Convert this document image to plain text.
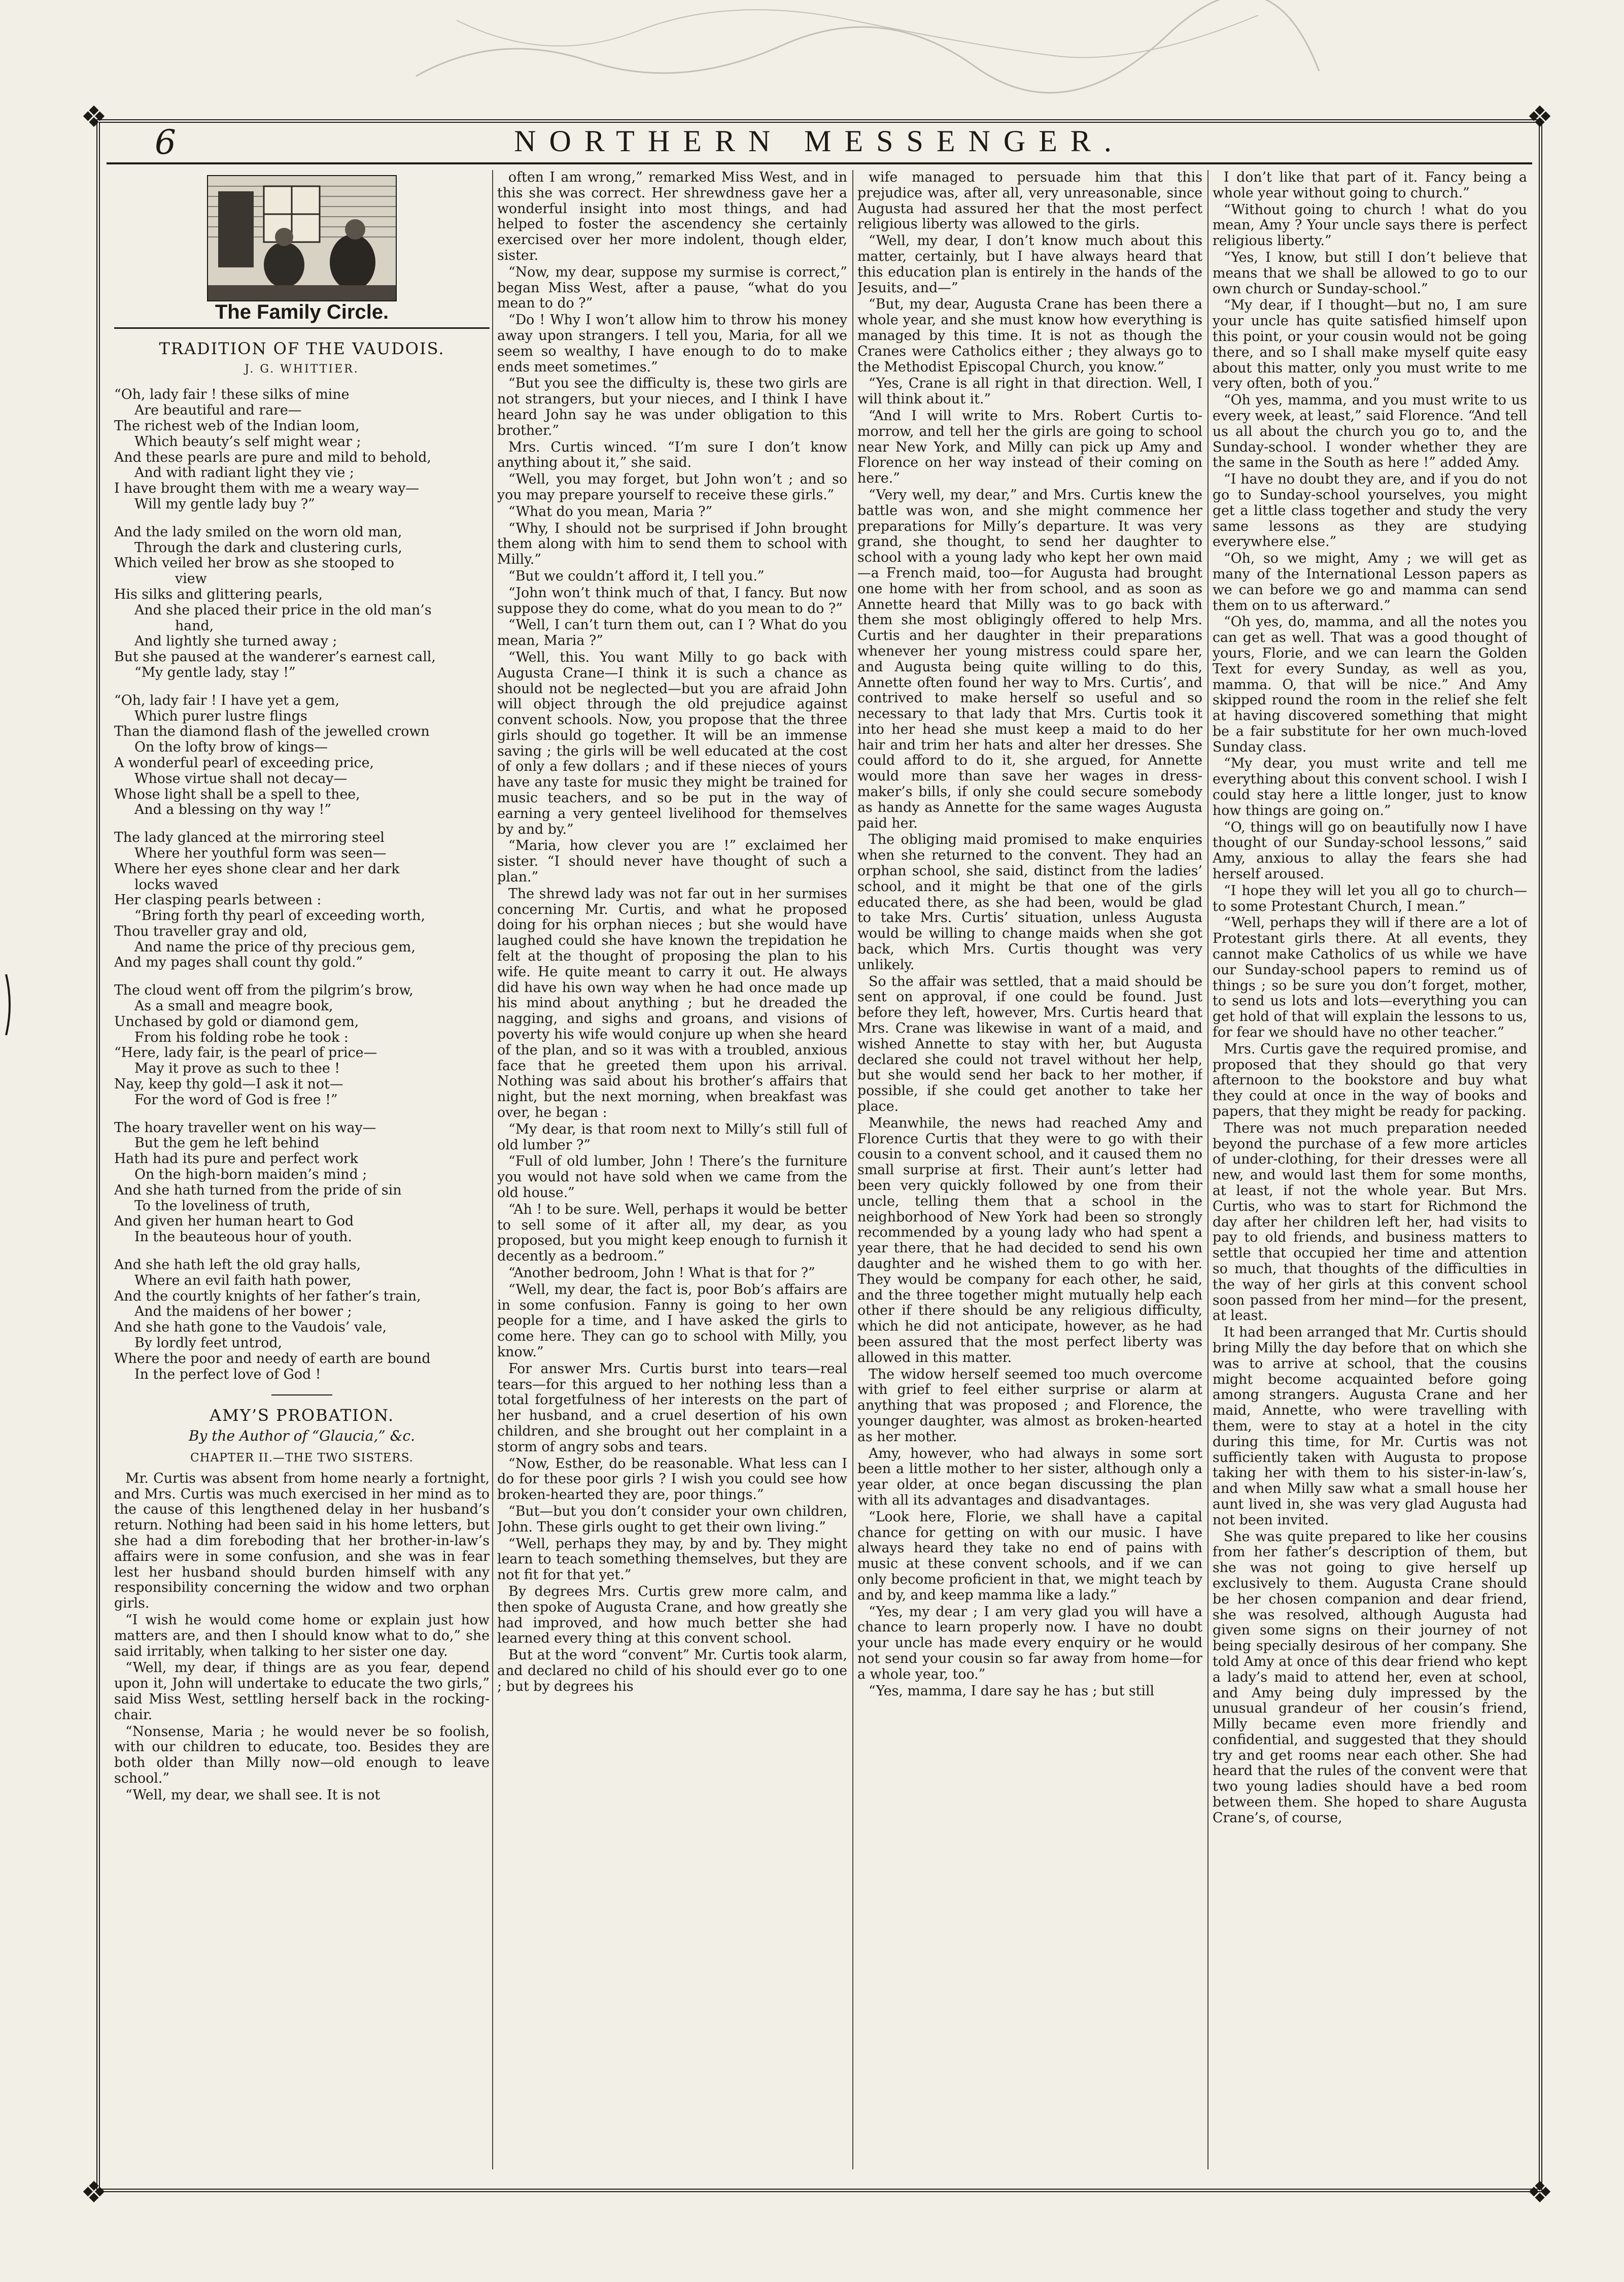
❖	❖
❖	❖
6	NORTHERN MESSENGER.
The Family Circle.
TRADITION OF THE VAUDOIS.
J. G. WHITTIER.
“Oh, lady fair ! these silks of mine
Are beautiful and rare—
The richest web of the Indian loom,
Which beauty’s self might wear ;
And these pearls are pure and mild to behold,
And with radiant light they vie ;
I have brought them with me a weary way—
Will my gentle lady buy ?”
And the lady smiled on the worn old man,
Through the dark and clustering curls,
Which veiled her brow as she stooped to
view
His silks and glittering pearls,
And she placed their price in the old man’s
hand,
And lightly she turned away ;
But she paused at the wanderer’s earnest call,
“My gentle lady, stay !”
“Oh, lady fair ! I have yet a gem,
Which purer lustre flings
Than the diamond flash of the jewelled crown
On the lofty brow of kings—
A wonderful pearl of exceeding price,
Whose virtue shall not decay—
Whose light shall be a spell to thee,
And a blessing on thy way !”
The lady glanced at the mirroring steel
Where her youthful form was seen—
Where her eyes shone clear and her dark
locks waved
Her clasping pearls between :
“Bring forth thy pearl of exceeding worth,
Thou traveller gray and old,
And name the price of thy precious gem,
And my pages shall count thy gold.”
The cloud went off from the pilgrim’s brow,
As a small and meagre book,
Unchased by gold or diamond gem,
From his folding robe he took :
“Here, lady fair, is the pearl of price—
May it prove as such to thee !
Nay, keep thy gold—I ask it not—
For the word of God is free !”
The hoary traveller went on his way—
But the gem he left behind
Hath had its pure and perfect work
On the high-born maiden’s mind ;
And she hath turned from the pride of sin
To the loveliness of truth,
And given her human heart to God
In the beauteous hour of youth.
And she hath left the old gray halls,
Where an evil faith hath power,
And the courtly knights of her father’s train,
And the maidens of her bower ;
And she hath gone to the Vaudois’ vale,
By lordly feet untrod,
Where the poor and needy of earth are bound
In the perfect love of God !
AMY’S PROBATION.
By the Author of “Glaucia,” &c.
CHAPTER II.—THE TWO SISTERS.

Mr. Curtis was absent from home nearly a fortnight, and Mrs. Curtis was much exercised in her mind as to the cause of this lengthened delay in her husband’s return. Nothing had been said in his home letters, but she had a dim foreboding that her brother-in-law’s affairs were in some confusion, and she was in fear lest her husband should burden himself with any responsibility concerning the widow and two orphan girls.

“I wish he would come home or explain just how matters are, and then I should know what to do,” she said irritably, when talking to her sister one day.

“Well, my dear, if things are as you fear, depend upon it, John will undertake to educate the two girls,” said Miss West, settling herself back in the rocking-chair.

“Nonsense, Maria ; he would never be so foolish, with our children to educate, too. Besides they are both older than Milly now—old enough to leave school.”

“Well, my dear, we shall see. It is not

often I am wrong,” remarked Miss West, and in this she was correct. Her shrewdness gave her a wonderful insight into most things, and had helped to foster the ascendency she certainly exercised over her more indolent, though elder, sister.

“Now, my dear, suppose my surmise is correct,” began Miss West, after a pause, “what do you mean to do ?”

“Do ! Why I won’t allow him to throw his money away upon strangers. I tell you, Maria, for all we seem so wealthy, I have enough to do to make ends meet sometimes.”

“But you see the difficulty is, these two girls are not strangers, but your nieces, and I think I have heard John say he was under obligation to this brother.”

Mrs. Curtis winced. “I’m sure I don’t know anything about it,” she said.

“Well, you may forget, but John won’t ; and so you may prepare yourself to receive these girls.”

“What do you mean, Maria ?”

“Why, I should not be surprised if John brought them along with him to send them to school with Milly.”

“But we couldn’t afford it, I tell you.”

“John won’t think much of that, I fancy. But now suppose they do come, what do you mean to do ?”

“Well, I can’t turn them out, can I ? What do you mean, Maria ?”

“Well, this. You want Milly to go back with Augusta Crane—I think it is such a chance as should not be neglected—but you are afraid John will object through the old prejudice against convent schools. Now, you propose that the three girls should go together. It will be an immense saving ; the girls will be well educated at the cost of only a few dollars ; and if these nieces of yours have any taste for music they might be trained for music teachers, and so be put in the way of earning a very genteel livelihood for themselves by and by.”

“Maria, how clever you are !” exclaimed her sister. “I should never have thought of such a plan.”

The shrewd lady was not far out in her surmises concerning Mr. Curtis, and what he proposed doing for his orphan nieces ; but she would have laughed could she have known the trepidation he felt at the thought of proposing the plan to his wife. He quite meant to carry it out. He always did have his own way when he had once made up his mind about anything ; but he dreaded the nagging, and sighs and groans, and visions of poverty his wife would conjure up when she heard of the plan, and so it was with a troubled, anxious face that he greeted them upon his arrival. Nothing was said about his brother’s affairs that night, but the next morning, when breakfast was over, he began :

“My dear, is that room next to Milly’s still full of old lumber ?”

“Full of old lumber, John ! There’s the furniture you would not have sold when we came from the old house.”

“Ah ! to be sure. Well, perhaps it would be better to sell some of it after all, my dear, as you proposed, but you might keep enough to furnish it decently as a bedroom.”

“Another bedroom, John ! What is that for ?”

“Well, my dear, the fact is, poor Bob’s affairs are in some confusion. Fanny is going to her own people for a time, and I have asked the girls to come here. They can go to school with Milly, you know.”

For answer Mrs. Curtis burst into tears—real tears—for this argued to her nothing less than a total forgetfulness of her interests on the part of her husband, and a cruel desertion of his own children, and she brought out her complaint in a storm of angry sobs and tears.

“Now, Esther, do be reasonable. What less can I do for these poor girls ? I wish you could see how broken-hearted they are, poor things.”

“But—but you don’t consider your own children, John. These girls ought to get their own living.”

“Well, perhaps they may, by and by. They might learn to teach something themselves, but they are not fit for that yet.”

By degrees Mrs. Curtis grew more calm, and then spoke of Augusta Crane, and how greatly she had improved, and how much better she had learned every thing at this convent school.

But at the word “convent” Mr. Curtis took alarm, and declared no child of his should ever go to one ; but by degrees his

wife managed to persuade him that this prejudice was, after all, very unreasonable, since Augusta had assured her that the most perfect religious liberty was allowed to the girls.

“Well, my dear, I don’t know much about this matter, certainly, but I have always heard that this education plan is entirely in the hands of the Jesuits, and—”

“But, my dear, Augusta Crane has been there a whole year, and she must know how everything is managed by this time. It is not as though the Cranes were Catholics either ; they always go to the Methodist Episcopal Church, you know.”

“Yes, Crane is all right in that direction. Well, I will think about it.”

“And I will write to Mrs. Robert Curtis to-morrow, and tell her the girls are going to school near New York, and Milly can pick up Amy and Florence on her way instead of their coming on here.”

“Very well, my dear,” and Mrs. Curtis knew the battle was won, and she might commence her preparations for Milly’s departure. It was very grand, she thought, to send her daughter to school with a young lady who kept her own maid—a French maid, too—for Augusta had brought one home with her from school, and as soon as Annette heard that Milly was to go back with them she most obligingly offered to help Mrs. Curtis and her daughter in their preparations whenever her young mistress could spare her, and Augusta being quite willing to do this, Annette often found her way to Mrs. Curtis’, and contrived to make herself so useful and so necessary to that lady that Mrs. Curtis took it into her head she must keep a maid to do her hair and trim her hats and alter her dresses. She could afford to do it, she argued, for Annette would more than save her wages in dress-maker’s bills, if only she could secure somebody as handy as Annette for the same wages Augusta paid her.

The obliging maid promised to make enquiries when she returned to the convent. They had an orphan school, she said, distinct from the ladies’ school, and it might be that one of the girls educated there, as she had been, would be glad to take Mrs. Curtis’ situation, unless Augusta would be willing to change maids when she got back, which Mrs. Curtis thought was very unlikely.

So the affair was settled, that a maid should be sent on approval, if one could be found. Just before they left, however, Mrs. Curtis heard that Mrs. Crane was likewise in want of a maid, and wished Annette to stay with her, but Augusta declared she could not travel without her help, but she would send her back to her mother, if possible, if she could get another to take her place.

Meanwhile, the news had reached Amy and Florence Curtis that they were to go with their cousin to a convent school, and it caused them no small surprise at first. Their aunt’s letter had been very quickly followed by one from their uncle, telling them that a school in the neighborhood of New York had been so strongly recommended by a young lady who had spent a year there, that he had decided to send his own daughter and he wished them to go with her. They would be company for each other, he said, and the three together might mutually help each other if there should be any religious difficulty, which he did not anticipate, however, as he had been assured that the most perfect liberty was allowed in this matter.

The widow herself seemed too much overcome with grief to feel either surprise or alarm at anything that was proposed ; and Florence, the younger daughter, was almost as broken-hearted as her mother.

Amy, however, who had always in some sort been a little mother to her sister, although only a year older, at once began discussing the plan with all its advantages and disadvantages.

“Look here, Florie, we shall have a capital chance for getting on with our music. I have always heard they take no end of pains with music at these convent schools, and if we can only become proficient in that, we might teach by and by, and keep mamma like a lady.”

“Yes, my dear ; I am very glad you will have a chance to learn properly now. I have no doubt your uncle has made every enquiry or he would not send your cousin so far away from home—for a whole year, too.”

“Yes, mamma, I dare say he has ; but still

I don’t like that part of it. Fancy being a whole year without going to church.”

“Without going to church ! what do you mean, Amy ? Your uncle says there is perfect religious liberty.”

“Yes, I know, but still I don’t believe that means that we shall be allowed to go to our own church or Sunday-school.”

“My dear, if I thought—but no, I am sure your uncle has quite satisfied himself upon this point, or your cousin would not be going there, and so I shall make myself quite easy about this matter, only you must write to me very often, both of you.”

“Oh yes, mamma, and you must write to us every week, at least,” said Florence. “And tell us all about the church you go to, and the Sunday-school. I wonder whether they are the same in the South as here !” added Amy.

“I have no doubt they are, and if you do not go to Sunday-school yourselves, you might get a little class together and study the very same lessons as they are studying everywhere else.”

“Oh, so we might, Amy ; we will get as many of the International Lesson papers as we can before we go and mamma can send them on to us afterward.”

“Oh yes, do, mamma, and all the notes you can get as well. That was a good thought of yours, Florie, and we can learn the Golden Text for every Sunday, as well as you, mamma. O, that will be nice.” And Amy skipped round the room in the relief she felt at having discovered something that might be a fair substitute for her own much-loved Sunday class.

“My dear, you must write and tell me everything about this convent school. I wish I could stay here a little longer, just to know how things are going on.”

“O, things will go on beautifully now I have thought of our Sunday-school lessons,” said Amy, anxious to allay the fears she had herself aroused.

“I hope they will let you all go to church—to some Protestant Church, I mean.”

“Well, perhaps they will if there are a lot of Protestant girls there. At all events, they cannot make Catholics of us while we have our Sunday-school papers to remind us of things ; so be sure you don’t forget, mother, to send us lots and lots—everything you can get hold of that will explain the lessons to us, for fear we should have no other teacher.”

Mrs. Curtis gave the required promise, and proposed that they should go that very afternoon to the bookstore and buy what they could at once in the way of books and papers, that they might be ready for packing.

There was not much preparation needed beyond the purchase of a few more articles of under-clothing, for their dresses were all new, and would last them for some months, at least, if not the whole year. But Mrs. Curtis, who was to start for Richmond the day after her children left her, had visits to pay to old friends, and business matters to settle that occupied her time and attention so much, that thoughts of the difficulties in the way of her girls at this convent school soon passed from her mind—for the present, at least.

It had been arranged that Mr. Curtis should bring Milly the day before that on which she was to arrive at school, that the cousins might become acquainted before going among strangers. Augusta Crane and her maid, Annette, who were travelling with them, were to stay at a hotel in the city during this time, for Mr. Curtis was not sufficiently taken with Augusta to propose taking her with them to his sister-in-law’s, and when Milly saw what a small house her aunt lived in, she was very glad Augusta had not been invited.

She was quite prepared to like her cousins from her father’s description of them, but she was not going to give herself up exclusively to them. Augusta Crane should be her chosen companion and dear friend, she was resolved, although Augusta had given some signs on their journey of not being specially desirous of her company. She told Amy at once of this dear friend who kept a lady’s maid to attend her, even at school, and Amy being duly impressed by the unusual grandeur of her cousin’s friend, Milly became even more friendly and confidential, and suggested that they should try and get rooms near each other. She had heard that the rules of the convent were that two young ladies should have a bed room between them. She hoped to share Augusta Crane’s, of course,
